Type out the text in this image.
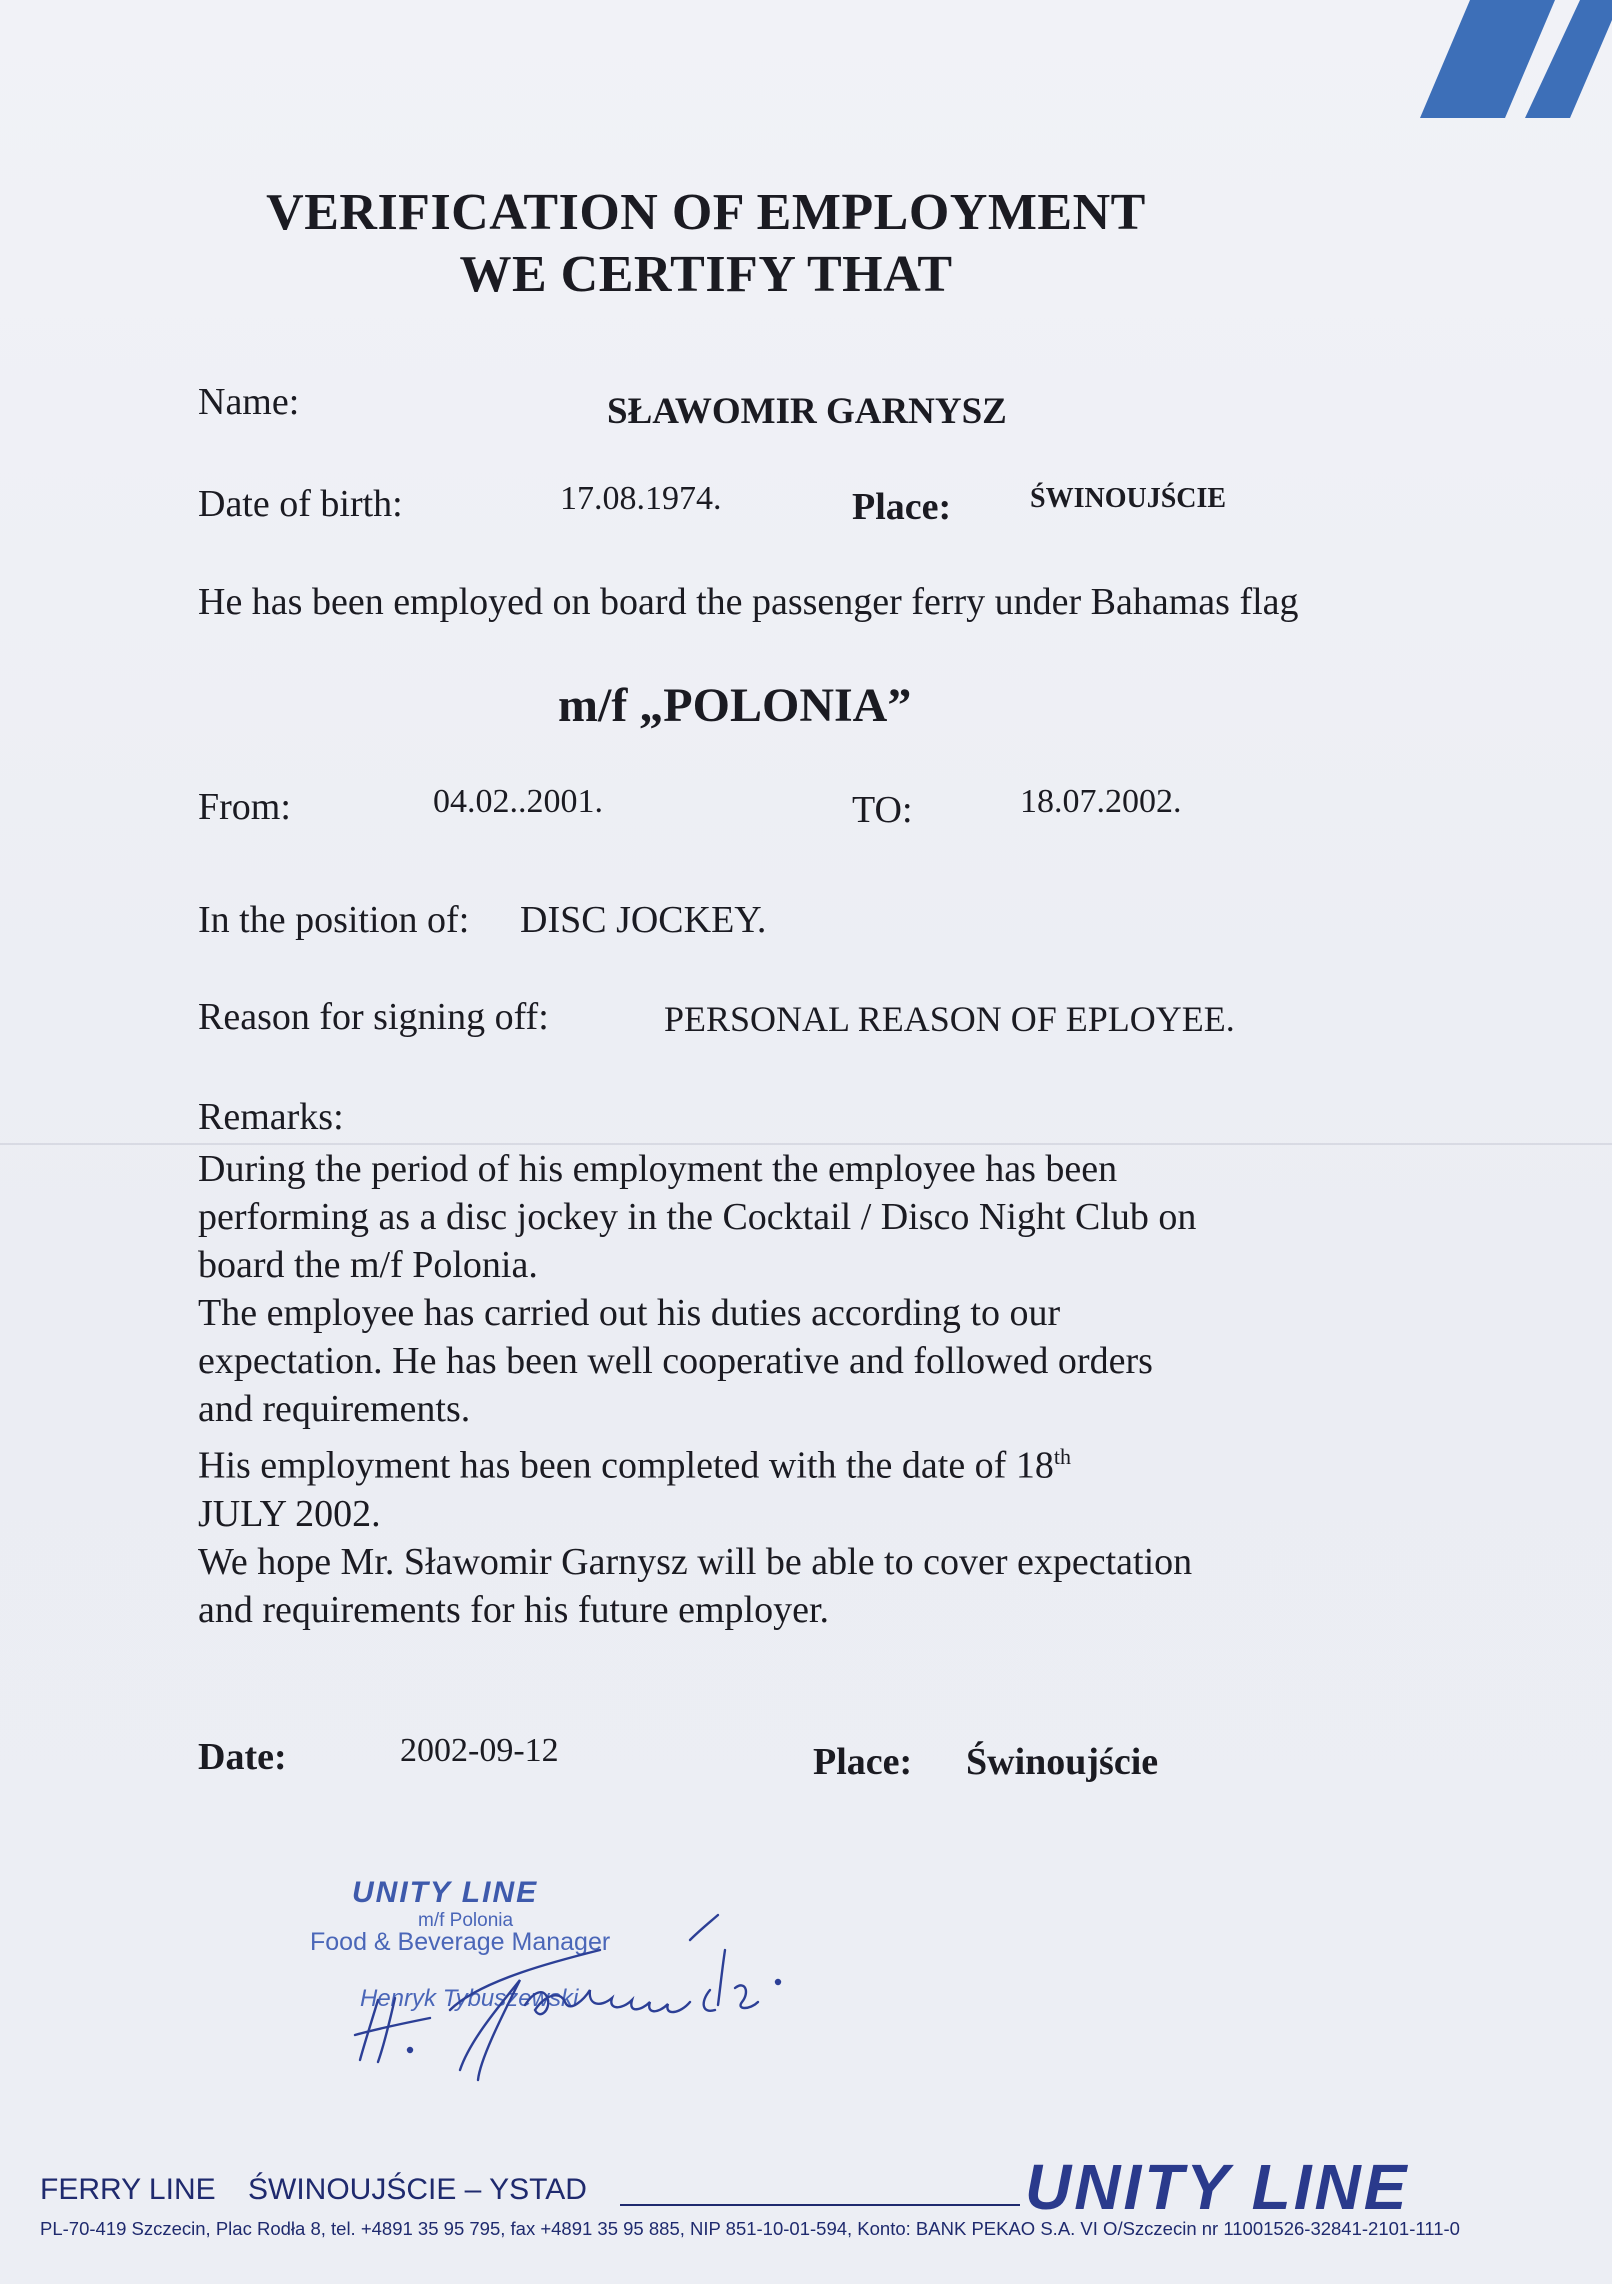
VERIFICATION OF EMPLOYMENT
WE CERTIFY THAT
Name:	SŁAWOMIR GARNYSZ
Date of birth:	17.08.1974.	Place:	ŚWINOUJŚCIE
He has been employed on board the passenger ferry under Bahamas flag
m/f „POLONIA”
From:	04.02..2001.	TO:	18.07.2002.
In the position of: DISC JOCKEY.
Reason for signing off:	PERSONAL REASON OF EPLOYEE.
Remarks:
During the period of his employment the employee has been
performing as a disc jockey in the Cocktail / Disco Night Club on
board the m/f Polonia.
The employee has carried out his duties according to our
expectation. He has been well cooperative and followed orders
and requirements.
His employment has been completed with the date of 18th
JULY 2002.
We hope Mr. Sławomir Garnysz will be able to cover expectation
and requirements for his future employer.
Date:	2002-09-12	Place: Świnoujście
UNITY LINE
m/f Polonia
Food & Beverage Manager
Henryk Tybuszewski
FERRY LINE ŚWINOUJŚCIE – YSTAD	UNITY LINE
PL-70-419 Szczecin, Plac Rodła 8, tel. +4891 35 95 795, fax +4891 35 95 885, NIP 851-10-01-594, Konto: BANK PEKAO S.A. VI O/Szczecin nr 11001526-32841-2101-111-0
